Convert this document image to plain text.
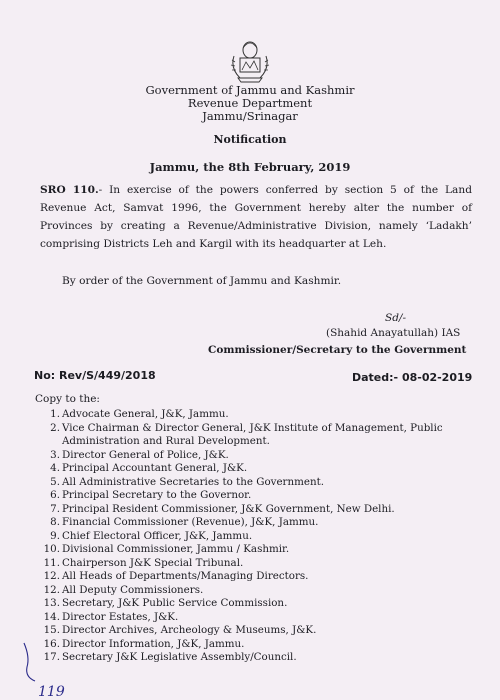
Government of Jammu and Kashmir
Revenue Department
Jammu/Srinagar
Notification
Jammu, the 8th February, 2019
SRO 110.- In exercise of the powers conferred by section 5 of the Land Revenue Act, Samvat 1996, the Government hereby alter the number of Provinces by creating a Revenue/Administrative Division, namely ‘Ladakh’ comprising Districts Leh and Kargil with its headquarter at Leh.
By order of the Government of Jammu and Kashmir.
Sd/-
(Shahid Anayatullah) IAS
Commissioner/Secretary to the Government
No: Rev/S/449/2018	Dated:- 08-02-2019
Copy to the:
1. Advocate General, J&K, Jammu.
2. Vice Chairman & Director General, J&K Institute of Management, Public
Administration and Rural Development.
3. Director General of Police, J&K.
4. Principal Accountant General, J&K.
5. All Administrative Secretaries to the Government.
6. Principal Secretary to the Governor.
7. Principal Resident Commissioner, J&K Government, New Delhi.
8. Financial Commissioner (Revenue), J&K, Jammu.
9. Chief Electoral Officer, J&K, Jammu.
10. Divisional Commissioner, Jammu / Kashmir.
11. Chairperson J&K Special Tribunal.
12. All Heads of Departments/Managing Directors.
12. All Deputy Commissioners.
13. Secretary, J&K Public Service Commission.
14. Director Estates, J&K.
15. Director Archives, Archeology & Museums, J&K.
16. Director Information, J&K, Jammu.
17. Secretary J&K Legislative Assembly/Council.
119
